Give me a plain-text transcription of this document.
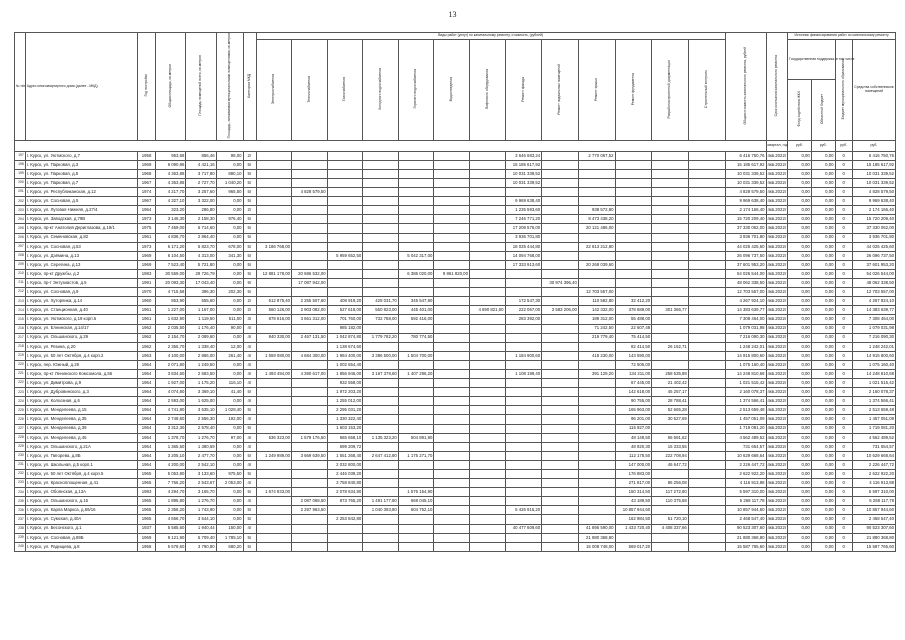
13
№ п/п	Адрес многоквартирного дома (далее - МКД)	Год постройки	Общая площадь, кв.метров	Площадь помещений всего, кв.метров	Площадь, занимаемая муниципальными помещениями, кв.метров	Категория МКД	Виды работ (услуг) по капитальному ремонту, стоимость, (рублей)													Общая стоимость капитального ремонта, рублей	Срок окончания капитального ремонта	Источник финансирования работ по капитальному ремонту			
							Электроснабжения	Теплоснабжения	Газоснабжения	Холодного водоснабжения	Горячего водоснабжения	Водоотведения	Лифтового оборудования	Ремонт фасада	Ремонт подвальных помещений	Ремонт крыши	Ремонт фундамента	Разработка проектной документации	Строительный контроль			Государственная поддержка, в том числе		Бюджет муниципального образования	Средства собственников помещений
																						Фонд содействия ЖКХ	Областной бюджет		
																					квартал, год	руб.	руб.	руб.	руб.
197	г. Курск, ул. Уютмского, д.7	1958	953,68	856,46	98,00	2г								3 646 683,24		2 770 067,52				6 416 750,76	4кв.2022г	0,00	0,00	0	6 416 750,76
198	г. Курск, ул. Парковая, д.3	1969	6 090,96	4 421,16	0,00	5г								15 185 617,92						15 185 617,92	4кв.2022г	0,00	0,00	0	15 185 617,92
199	г. Курск, ул. Парковая, д.5	1968	4 353,88	3 717,80	880,10	5г								10 031 339,52						10 031 339,52	4кв.2022г	0,00	0,00	0	10 031 339,52
200	г. Курск, ул. Парковая, д.7	1967	4 353,88	2 727,70	1 040,20	5г								10 031 339,52						10 031 339,52	4кв.2022г	0,00	0,00	0	10 031 339,52
201	г. Курск, ул. Республиканская, д.12	1974	4 217,70	3 257,60	965,50	5г		4 828 579,50												4 828 579,50	4кв.2022г	0,00	0,00	0	4 828 579,50
202	г. Курск, ул. Сосновая, д.5	1967	4 327,10	3 322,00	0,00	5г								9 969 638,40						9 969 638,40	4кв.2022г	0,00	0,00	0	9 969 638,40
203	г. Курск, ул. Луговая Нижняя, д.27/4	1964	323,20	286,80	0,00	2г								1 235 593,60		938 572,80				2 174 166,40	4кв.2022г	0,00	0,00	0	2 174 166,40
204	г. Курск, ул. Заводская, д.79В	1973	3 145,30	2 158,30	976,40	5г								7 246 771,20		8 473 438,20				15 720 209,40	4кв.2022г	0,00	0,00	0	15 720 209,40
205	г. Курск, пр-кт Анатолия Дериглазова, д.19/1	1975	7 469,00	5 714,60	0,00	5г								17 208 576,00		20 121 486,00				37 330 062,00	4кв.2022г	0,00	0,00	0	37 330 062,00
206	г. Курск, ул. Семеновская, д.82	1961	4 838,70	2 864,40	0,00	5г								3 936 701,80						3 936 701,80	4кв.2022г	0,00	0,00	0	3 936 701,80
207	г. Курск, ул. Сосновая, д.53	1973	6 171,20	5 823,70	678,00	5г	3 186 768,00							18 025 444,80		22 813 212,80				44 025 425,60	4кв.2022г	0,00	0,00	0	44 025 425,60
208	г. Курск, ул. Дзёмина, д.13	1969	6 104,50	4 313,00	341,30	5г			5 959 652,50		5 042 317,00			14 094 768,00						26 096 737,50	4кв.2022г	0,00	0,00	0	26 096 737,50
209	г. Курск, ул. Серегина, д.13	1969	7 523,40	5 721,80	0,00	5г								17 333 913,60		20 268 039,60				37 601 953,20	4кв.2022г	0,00	0,00	0	37 601 953,20
210	г. Курск, пр-кт Дружбы, д.2	1983	30 559,00	29 726,79	0,00	5г	12 881 178,00	20 686 532,00			6 386 020,00	9 861 820,00								54 026 544,00	4кв.2022г	0,00	0,00	0	54 026 544,00
211	г. Курск, пр-т Энтузиастов, д.5	1991	20 093,30	17 043,40	0,00	9г		17 087 942,00							30 974 396,40					48 062 338,50	4кв.2022г	0,00	0,00	0	48 062 338,50
212	г. Курск, ул. Сосновая, д.9	1970	4 715,58	396,30	202,30	5г										12 703 557,00				12 703 557,00	4кв.2022г	0,00	0,00	0	12 703 557,00
213	г. Курск, ул. Хуторянка, д.14	1960	853,90	555,60	0,00	2г	512 875,40	2 255 507,60	408 919,20	428 031,70	345 547,90			172 547,30		110 582,80	32 412,20			4 267 924,10	4кв.2022г	0,00	0,00	0	4 267 924,10
214	г. Курск, ул. Станционная, д.40	1961	1 227,00	1 167,00	0,00	2г	560 126,00	2 903 082,00	527 618,00	550 823,00	445 401,00		4 690 821,00	222 067,00	3 583 206,00	142 332,00	378 689,00	301 366,77		14 383 639,77	4кв.2022г	0,00	0,00	0	14 383 639,77
215	г. Курск, ул. Уютмского, д.19 корп.5	1961	1 632,90	1 119,60	511,00	3г	878 616,00	3 661 312,00	701 760,00	732 768,00	592 416,00			283 392,00		189 312,00	55 488,00			7 308 464,00	4кв.2022г	0,00	0,00	0	7 308 464,00
216	г. Курск, ул. Елнинская, д.14/17	1962	2 035,50	1 176,40	90,00	4г			985 182,00							71 242,50	22 607,48			1 079 031,98	4кв.2022г	0,00	0,00	0	1 079 031,98
217	г. Курск, ул. Ольшанского, д.29	1962	2 154,70	2 089,60	0,00	4г	840 330,00	2 467 131,50	1 042 874,80	1 779 782,20	780 774,50					219 779,40	75 414,50			7 216 090,30	4кв.2022г	0,00	0,00	0	7 216 090,30
218	г. Курск, ул. Резина, д.20	1962	2 355,70	1 338,40	12,00	4г			1 138 674,60								82 414,50	26 152,71		1 248 242,01	4кв.2022г	0,00	0,00	0	1 248 242,01
219	г. Курск, ул. 50 лет Октября, д.4 корп.2	1963	4 100,00	2 866,00	261,40	4г	1 559 080,00	4 684 300,00	1 984 400,00	3 386 500,00	1 504 700,00			1 184 900,60		418 230,00	143 590,00			14 915 800,60	4кв.2022г	0,00	0,00	0	14 915 800,60
220	г. Курск, пер. Южный, д.29	1964	2 071,80	1 249,50	0,00	4г			1 002 654,40								72 506,00			1 075 160,40	4кв.2022г	0,00	0,00	0	1 075 160,40
221	г. Курск, пр-кт Ленинского Комсомола, д.56	1964	3 834,60	2 583,50	0,00	4г	1 493 494,00	4 390 617,00	1 856 946,00	3 167 378,60	1 407 296,20			1 108 199,40		391 129,20	134 211,00	258 535,88		14 248 810,68	4кв.2022г	0,00	0,00	0	14 248 810,68
222	г. Курск, ул. Димитрова, д.9	1964	1 927,00	1 175,20	116,10	4г			932 558,00								67 445,00	21 402,42		1 021 515,42	4кв.2022г	0,00	0,00	0	1 021 515,42
223	г. Курск, ул. Дубровинского, д.3	1964	4 074,80	3 369,10	41,40	5г			1 972 203,20								142 618,00	45 257,17		2 160 078,37	4кв.2022г	0,00	0,00	0	2 160 078,37
224	г. Курск, ул. Колхозная, д.6	1964	2 593,00	1 625,00	0,00	4г			1 255 012,00								90 755,00	28 788,41		1 374 566,41	4кв.2022г	0,00	0,00	0	1 374 566,41
225	г. Курск, ул. Менделеева, д.15	1964	4 741,80	3 535,10	1 028,40	5г			2 295 031,20								165 963,00	52 665,28		2 513 659,48	4кв.2022г	0,00	0,00	0	2 513 659,48
226	г. Курск, ул. Менделеева, д.35	1964	2 748,60	2 556,30	192,00	4г			1 330 322,40								96 201,00	30 527,69		1 457 051,09	4кв.2022г	0,00	0,00	0	1 457 051,09
227	г. Курск, ул. Менделеева, д.39	1964	3 312,30	2 578,40	0,00	5г			1 603 153,20								115 927,00			1 719 081,20	4кв.2022г	0,00	0,00	0	1 719 081,20
228	г. Курск, ул. Менделеева, д.45	1964	1 378,70	1 276,70	97,00	4г	536 323,00	1 579 176,50	665 658,10	1 135 323,20	504 891,90						48 149,50	65 591,62		4 562 489,52	4кв.2022г	0,00	0,00	0	4 562 489,52
229	г. Курск, ул. Ольшанского, д.21А	1964	1 365,50	1 380,59	0,00	4г			699 209,72								48 920,30	15 333,55		731 654,57	4кв.2022г	0,00	0,00	0	731 654,57
230	г. Курск, ул. Пигорева, д.8Б	1964	3 205,10	2 477,70	0,00	5г	1 249 989,00	3 669 639,50	1 551 268,40	2 647 412,80	1 175 271,70						112 178,50	222 708,94		10 629 668,64	4кв.2022г	0,00	0,00	0	10 629 668,64
231	г. Курск, ул. Школьная, д.5 корп.1	1964	4 200,00	2 542,10	0,00	4г			2 032 800,00								147 000,00	46 647,72		2 226 447,72	4кв.2022г	0,00	0,00	0	2 226 447,72
232	г. Курск, ул. 50 лет Октября, д.4 корп.5	1965	5 053,80	3 133,60	975,50	5г			2 446 039,20								176 883,00			2 622 922,20	4кв.2022г	0,00	0,00	0	2 622 922,20
233	г. Курск, ул. Красноплощенная, д.41	1965	7 766,20	2 543,67	2 053,00	4г			3 758 840,80								271 817,00	86 256,08		4 116 913,88	4кв.2022г	0,00	0,00	0	4 116 913,88
234	г. Курск, ул. Обоянская, д.13А	1983	4 294,70	3 165,70	0,00	5г	1 674 933,00		2 078 634,80		1 576 154,90						150 314,50	117 272,80		5 597 310,00	4кв.2022г	0,00	0,00	0	5 597 310,00
235	г. Курск, ул. Ольшанского, д.15	1965	1 895,80	1 276,70	0,00	4г		2 087 068,50	873 765,20	1 491 177,80	668 045,10						43 189,50	110 375,68		5 268 117,78	4кв.2022г	0,00	0,00	0	5 268 117,78
236	г. Курск, ул. Карла Маркса, д.69/16	1965	2 356,20	1 743,90	0,00	5г		2 297 963,50		1 040 393,80	604 752,10			5 426 915,20			10 857 944,60			10 857 944,60	4кв.2022г	0,00	0,00	0	10 857 944,60
237	г. Курск, ул. Сумская, д.40А	1965	4 656,70	3 544,10	0,00	5г			2 253 842,80								162 984,50	51 720,10		2 468 547,40	4кв.2022г	0,00	0,00	0	2 468 547,40
238	г. Курск, ул. Бесонского, д.1	1937	5 585,60	1 940,44	150,00	4г								40 477 609,60		41 895 590,00	1 433 720,40	4 408 337,66		90 523 307,60	4кв.2022г	0,00	0,00	0	90 523 307,60
239	г. Курск, ул. Сосновая, д.89Б	1969	9 121,90	5 709,40	1 785,10	5г										21 880 368,80				21 880 368,80	4кв.2022г	0,00	0,00	0	21 880 368,80
240	г. Курск, ул. Радищева, д.8	1958	5 578,60	3 790,80	580,20	5г										15 008 748,00	569 017,20			15 587 765,60	4кв.2022г	0,00	0,00	0	15 587 765,60
